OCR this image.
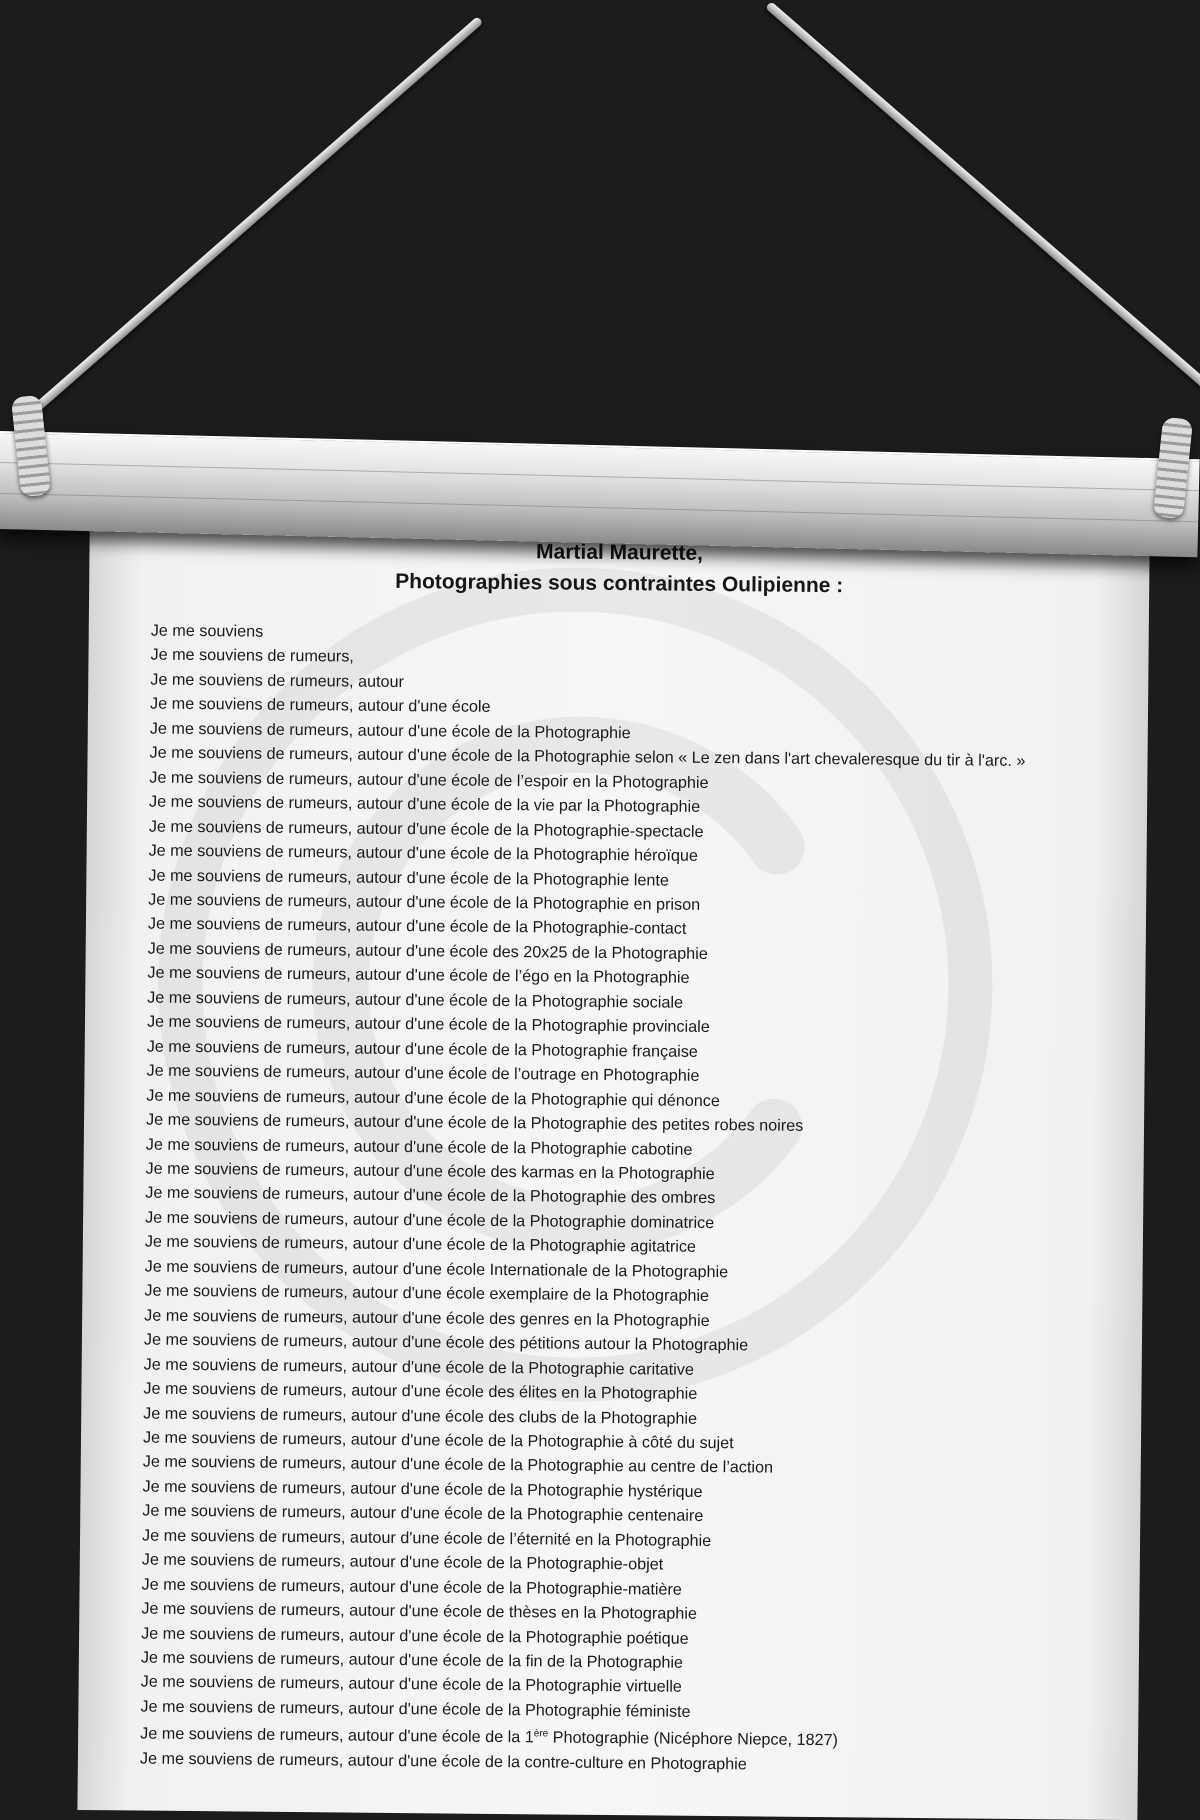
Martial Maurette,
Photographies sous contraintes Oulipienne :
Je me souviens
Je me souviens de rumeurs,
Je me souviens de rumeurs, autour
Je me souviens de rumeurs, autour d'une école
Je me souviens de rumeurs, autour d'une école de la Photographie
Je me souviens de rumeurs, autour d'une école de la Photographie selon « Le zen dans l'art chevaleresque du tir à l'arc. »
Je me souviens de rumeurs, autour d'une école de l’espoir en la Photographie
Je me souviens de rumeurs, autour d'une école de la vie par la Photographie
Je me souviens de rumeurs, autour d'une école de la Photographie-spectacle
Je me souviens de rumeurs, autour d'une école de la Photographie héroïque
Je me souviens de rumeurs, autour d'une école de la Photographie lente
Je me souviens de rumeurs, autour d'une école de la Photographie en prison
Je me souviens de rumeurs, autour d'une école de la Photographie-contact
Je me souviens de rumeurs, autour d'une école des 20x25 de la Photographie
Je me souviens de rumeurs, autour d'une école de l’égo en la Photographie
Je me souviens de rumeurs, autour d'une école de la Photographie sociale
Je me souviens de rumeurs, autour d'une école de la Photographie provinciale
Je me souviens de rumeurs, autour d'une école de la Photographie française
Je me souviens de rumeurs, autour d'une école de l’outrage en Photographie
Je me souviens de rumeurs, autour d'une école de la Photographie qui dénonce
Je me souviens de rumeurs, autour d'une école de la Photographie des petites robes noires
Je me souviens de rumeurs, autour d'une école de la Photographie cabotine
Je me souviens de rumeurs, autour d'une école des karmas en la Photographie
Je me souviens de rumeurs, autour d'une école de la Photographie des ombres
Je me souviens de rumeurs, autour d'une école de la Photographie dominatrice
Je me souviens de rumeurs, autour d'une école de la Photographie agitatrice
Je me souviens de rumeurs, autour d'une école Internationale de la Photographie
Je me souviens de rumeurs, autour d'une école exemplaire de la Photographie
Je me souviens de rumeurs, autour d'une école des genres en la Photographie
Je me souviens de rumeurs, autour d'une école des pétitions autour la Photographie
Je me souviens de rumeurs, autour d'une école de la Photographie caritative
Je me souviens de rumeurs, autour d'une école des élites en la Photographie
Je me souviens de rumeurs, autour d'une école des clubs de la Photographie
Je me souviens de rumeurs, autour d'une école de la Photographie à côté du sujet
Je me souviens de rumeurs, autour d'une école de la Photographie au centre de l’action
Je me souviens de rumeurs, autour d'une école de la Photographie hystérique
Je me souviens de rumeurs, autour d'une école de la Photographie centenaire
Je me souviens de rumeurs, autour d'une école de l’éternité en la Photographie
Je me souviens de rumeurs, autour d'une école de la Photographie-objet
Je me souviens de rumeurs, autour d'une école de la Photographie-matière
Je me souviens de rumeurs, autour d'une école de thèses en la Photographie
Je me souviens de rumeurs, autour d'une école de la Photographie poétique
Je me souviens de rumeurs, autour d'une école de la fin de la Photographie
Je me souviens de rumeurs, autour d'une école de la Photographie virtuelle
Je me souviens de rumeurs, autour d'une école de la Photographie féministe
Je me souviens de rumeurs, autour d'une école de la 1ère Photographie (Nicéphore Niepce, 1827)
Je me souviens de rumeurs, autour d'une école de la contre-culture en Photographie
